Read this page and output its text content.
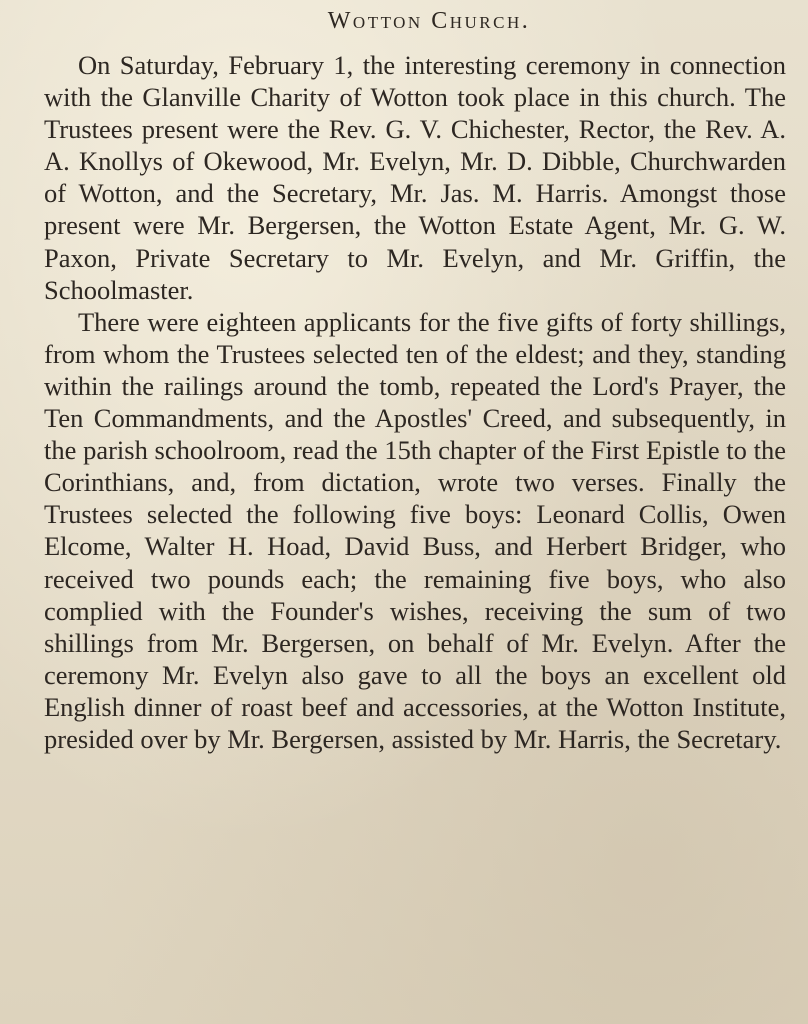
Wotton Church.

On Saturday, February 1, the interesting ceremony in connection with the Glanville Charity of Wotton took place in this church. The Trustees present were the Rev. G. V. Chichester, Rector, the Rev. A. A. Knollys of Okewood, Mr. Evelyn, Mr. D. Dibble, Churchwarden of Wotton, and the Secretary, Mr. Jas. M. Harris. Amongst those present were Mr. Bergersen, the Wotton Estate Agent, Mr. G. W. Paxon, Private Secretary to Mr. Evelyn, and Mr. Griffin, the Schoolmaster.

There were eighteen applicants for the five gifts of forty shillings, from whom the Trustees selected ten of the eldest; and they, standing within the railings around the tomb, repeated the Lord's Prayer, the Ten Commandments, and the Apostles' Creed, and subsequently, in the parish schoolroom, read the 15th chapter of the First Epistle to the Corinthians, and, from dictation, wrote two verses. Finally the Trustees selected the following five boys: Leonard Collis, Owen Elcome, Walter H. Hoad, David Buss, and Herbert Bridger, who received two pounds each; the remaining five boys, who also complied with the Founder's wishes, receiving the sum of two shillings from Mr. Bergersen, on behalf of Mr. Evelyn. After the ceremony Mr. Evelyn also gave to all the boys an excellent old English dinner of roast beef and accessories, at the Wotton Institute, presided over by Mr. Bergersen, assisted by Mr. Harris, the Secretary.
